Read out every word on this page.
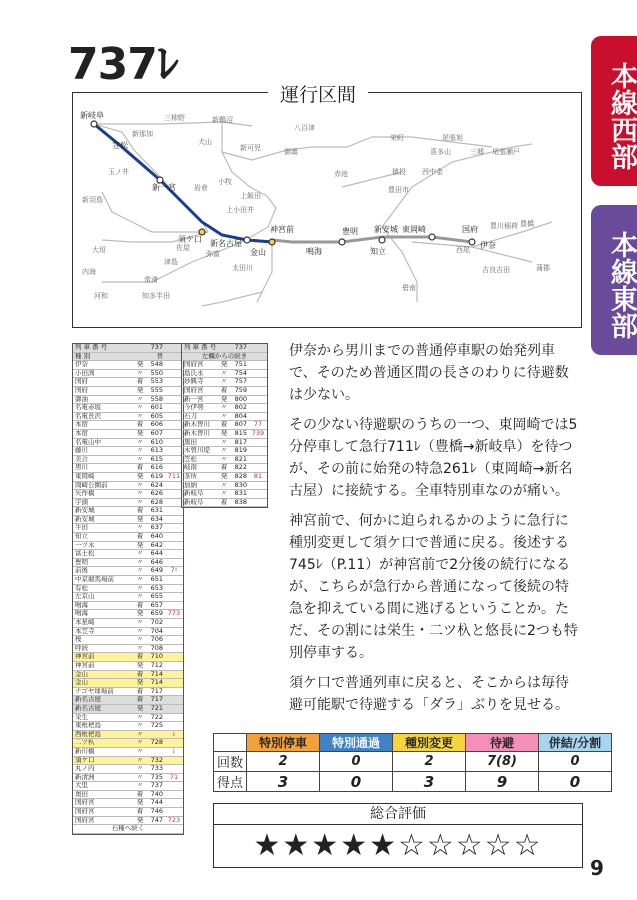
737ﾚ	本線西部
本線東部
新岐阜
笠松
新一宮
須ケ口 新名古屋
金山
神宮前
鳴海
豊明
知立
新安城 東岡崎	国府
伊奈
三柿野
新那加
新鵜沼
犬山
新可児	御嵩
八百津
栄町	尾張旭
喜多山	三郷 尾張瀬戸
玉ノ井
岩倉
小牧
上飯田
上小田井
赤池	猿投 西中金
豊田市
新羽島
大垣	佐屋
弥富
津島
太田川
内海
常滑
河和	知多半田
吉良吉田
西尾
豊川稲荷 豊橋
蒲郡
碧南
運行区間
列 車 番 号	737
種 別	普
伊奈	発	548
小田渕	〃	550
国府	着	553
国府	発	555
御油	〃	558
名電赤坂	〃	601
名電長沢	〃	605
本宿	着	606
本宿	発	607
名電山中	〃	610
藤川	〃	613
美合	〃	615
男川	着	616
東岡崎	発	619 711
岡崎公園前	〃	624
矢作橋	〃	626
宇頭	〃	628
新安城	着	631
新安城	発	634
牛田	〃	637
知立	着	640
一ツ木	発	642
富士松	〃	644
豊明	〃	646
前後	〃	649	7!
中京競馬場前	〃	651
有松	〃	653
左京山	〃	655
鳴海	着	657
鳴海	発	659 773
本星崎	〃	702
本笠寺	〃	704
桜	〃	706
呼続	〃	708
神宮前	着	710
神宮前	発	712
金山	着	714
金山	発	714
ナゴヤ球場前	着	717
新名古屋	着	717
新名古屋	発	721
栄生	〃	722
東枇杷島	〃	725
西枇杷島	〃	ﾚ
二ツ杁	〃	728
新川橋	〃	ﾚ
須ケ口	〃	732
丸ノ内	〃	733
新清洲	〃	735	71
大里	〃	737
奥田	着	740
国府宮	発	744
国府宮	着	746
国府宮	発	747 723
石種へ続く
列 車 番 号	737
左欄からの続き
国府宮	発	751
島氏永	〃	754
妙興寺	〃	757
国府宮	着	759
新一宮	発	800
今伊勢	〃	802
石刀	〃	804
新木曽川	着	807	77
新木曽川	発	815 739
黒田	〃	817
木曽川堤	〃	819
笠松	〃	821
岐南	着	822
茶所	発	828	81
加納	〃	830
新岐阜	〃	831
新岐阜	着	838

伊奈から男川までの普通停車駅の始発列車で、そのため普通区間の長さのわりに待避数は少ない。

その少ない待避駅のうちの一つ、東岡崎では5分停車して急行711ﾚ（豊橋→新岐阜）を待つが、その前に始発の特急261ﾚ（東岡崎→新名古屋）に接続する。全車特別車なのが痛い。

神宮前で、何かに迫られるかのように急行に種別変更して須ケ口で普通に戻る。後述する745ﾚ（P.11）が神宮前で2分後の続行になるが、こちらが急行から普通になって後続の特急を抑えている間に逃げるということか。ただ、その割には栄生・二ツ杁と悠長に2つも特別停車する。

須ケ口で普通列車に戻ると、そこからは毎待避可能駅で待避する「ダラ」ぶりを見せる。

	特別停車	特別通過	種別変更	待避	併結/分割
回数	2	0	2	7(8)	0
得点	3	0	3	9	0
総合評価
★★★★★☆☆☆☆☆
9
